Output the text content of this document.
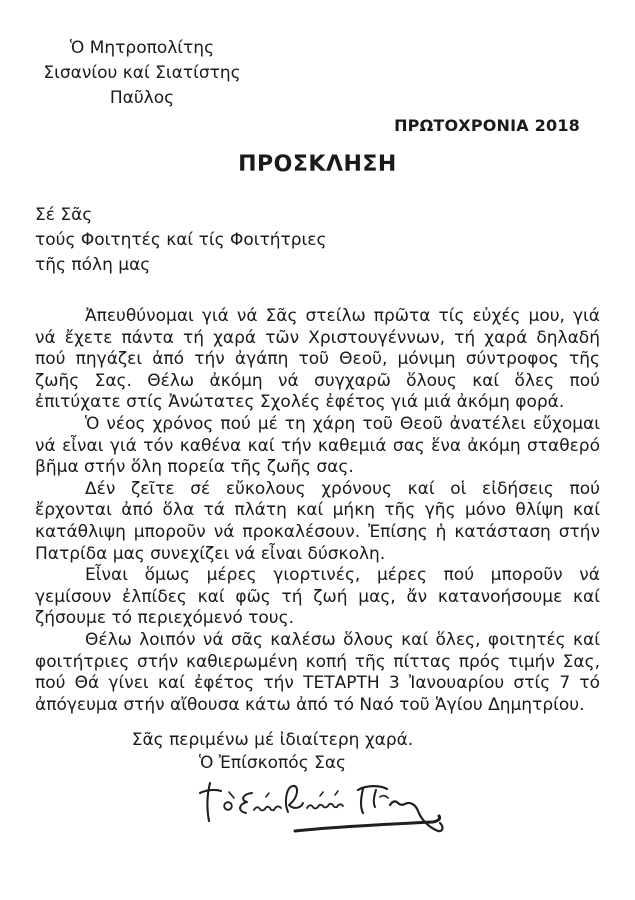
Ὁ Μητροπολίτης
Σισανίου καί Σιατίστης
Παῦλος
ΠΡΩΤΟΧΡΟΝΙΑ 2018
ΠΡΟΣΚΛΗΣΗ
Σέ Σᾶς
τούς Φοιτητές καί τίς Φοιτήτριες
τῆς πόλη μας

Ἀπευθύνομαι γιά νά Σᾶς στείλω πρῶτα τίς εὐχές μου, γιά νά ἔχετε πάντα τή χαρά τῶν Χριστουγέννων, τή χαρά δηλαδή πού πηγάζει ἀπό τήν ἀγάπη τοῦ Θεοῦ, μόνιμη σύντροφος τῆς ζωῆς Σας. Θέλω ἀκόμη νά συγχαρῶ ὅλους καί ὅλες πού ἐπιτύχατε στίς Ἀνώτατες Σχολές ἐφέτος γιά μιά ἀκόμη φορά.

Ὁ νέος χρόνος πού μέ τη χάρη τοῦ Θεοῦ ἀνατέλει εὔχομαι νά εἶναι γιά τόν καθένα καί τήν καθεμιά σας ἕνα ἀκόμη σταθερό βῆμα στήν ὅλη πορεία τῆς ζωῆς σας.

Δέν ζεῖτε σέ εὔκολους χρόνους καί οἱ εἰδήσεις πού ἔρχονται ἀπό ὅλα τά πλάτη καί μήκη τῆς γῆς μόνο θλίψη καί κατάθλιψη μποροῦν νά προκαλέσουν. Ἐπίσης ἡ κατάσταση στήν Πατρίδα μας συνεχίζει νά εἶναι δύσκολη.

Εἶναι ὅμως μέρες γιορτινές, μέρες πού μποροῦν νά γεμίσουν ἐλπίδες καί φῶς τή ζωή μας, ἄν κατανοήσουμε καί ζήσουμε τό περιεχόμενό τους.

Θέλω λοιπόν νά σᾶς καλέσω ὅλους καί ὅλες, φοιτητές καί φοιτήτριες στήν καθιερωμένη κοπή τῆς πίττας πρός τιμήν Σας, πού Θά γίνει καί ἐφέτος τήν ΤΕΤΑΡΤΗ 3 Ἰανουαρίου στίς 7 τό ἀπόγευμα στήν αἴθουσα κάτω ἀπό τό Ναό τοῦ Ἁγίου Δημητρίου.

Σᾶς περιμένω μέ ἰδιαίτερη χαρά.
Ὁ Ἐπίσκοπός Σας
